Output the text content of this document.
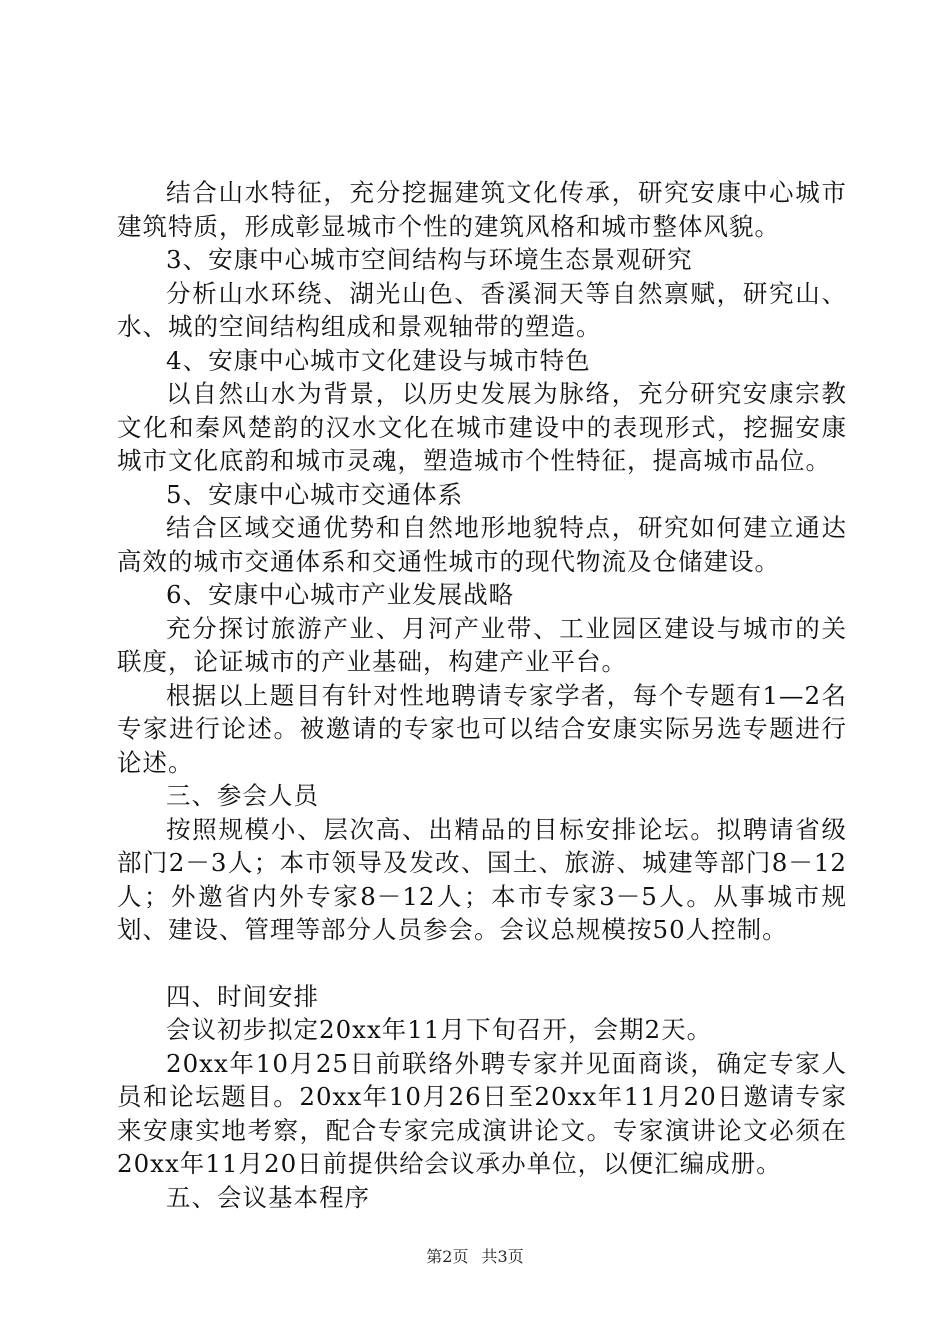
结合山水特征，充分挖掘建筑文化传承，研究安康中心城市建筑特质，形成彰显城市个性的建筑风格和城市整体风貌。

3、安康中心城市空间结构与环境生态景观研究

分析山水环绕、湖光山色、香溪洞天等自然禀赋，研究山、水、城的空间结构组成和景观轴带的塑造。

4、安康中心城市文化建设与城市特色

以自然山水为背景，以历史发展为脉络，充分研究安康宗教文化和秦风楚韵的汉水文化在城市建设中的表现形式，挖掘安康城市文化底韵和城市灵魂，塑造城市个性特征，提高城市品位。

5、安康中心城市交通体系

结合区域交通优势和自然地形地貌特点，研究如何建立通达高效的城市交通体系和交通性城市的现代物流及仓储建设。

6、安康中心城市产业发展战略

充分探讨旅游产业、月河产业带、工业园区建设与城市的关联度，论证城市的产业基础，构建产业平台。

根据以上题目有针对性地聘请专家学者，每个专题有1—2名专家进行论述。被邀请的专家也可以结合安康实际另选专题进行论述。

三、参会人员

按照规模小、层次高、出精品的目标安排论坛。拟聘请省级部门2－3人；本市领导及发改、国土、旅游、城建等部门8－12人；外邀省内外专家8－12人；本市专家3－5人。从事城市规划、建设、管理等部分人员参会。会议总规模按50人控制。

四、时间安排

会议初步拟定20xx年11月下旬召开，会期2天。

20xx年10月25日前联络外聘专家并见面商谈，确定专家人员和论坛题目。20xx年10月26日至20xx年11月20日邀请专家来安康实地考察，配合专家完成演讲论文。专家演讲论文必须在20xx年11月20日前提供给会议承办单位，以便汇编成册。

五、会议基本程序

第2页 共3页
